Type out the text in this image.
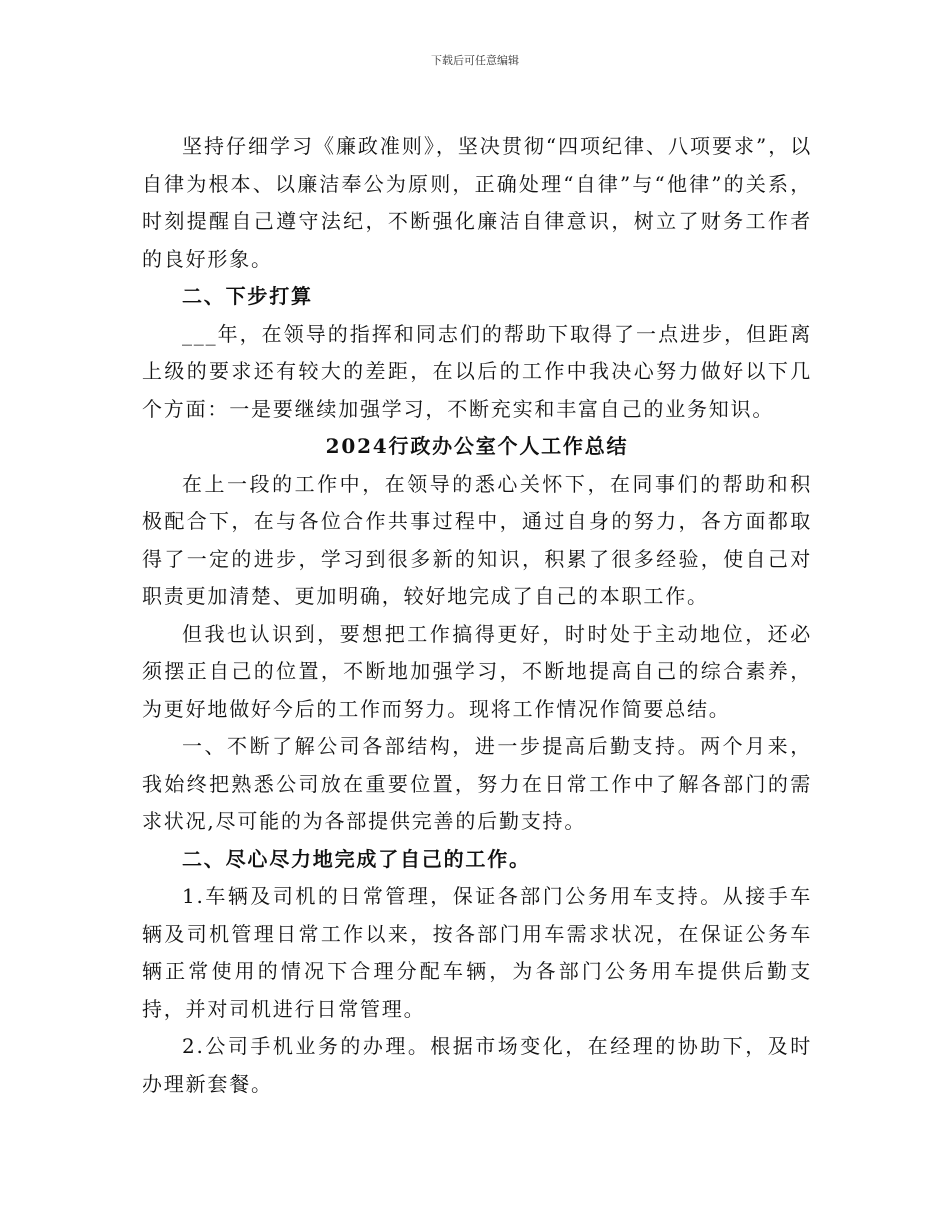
下载后可任意编辑

坚持仔细学习《廉政准则》，坚决贯彻“四项纪律、八项要求”，以自律为根本、以廉洁奉公为原则，正确处理“自律”与“他律”的关系，时刻提醒自己遵守法纪，不断强化廉洁自律意识，树立了财务工作者的良好形象。

二、下步打算

___年，在领导的指挥和同志们的帮助下取得了一点进步，但距离上级的要求还有较大的差距，在以后的工作中我决心努力做好以下几个方面：一是要继续加强学习，不断充实和丰富自己的业务知识。

2024行政办公室个人工作总结

在上一段的工作中，在领导的悉心关怀下，在同事们的帮助和积极配合下，在与各位合作共事过程中，通过自身的努力，各方面都取得了一定的进步，学习到很多新的知识，积累了很多经验，使自己对职责更加清楚、更加明确，较好地完成了自己的本职工作。

但我也认识到，要想把工作搞得更好，时时处于主动地位，还必须摆正自己的位置，不断地加强学习，不断地提高自己的综合素养，为更好地做好今后的工作而努力。现将工作情况作简要总结。

一、不断了解公司各部结构，进一步提高后勤支持。两个月来，我始终把熟悉公司放在重要位置，努力在日常工作中了解各部门的需求状况,尽可能的为各部提供完善的后勤支持。

二、尽心尽力地完成了自己的工作。

1.车辆及司机的日常管理，保证各部门公务用车支持。从接手车辆及司机管理日常工作以来，按各部门用车需求状况，在保证公务车辆正常使用的情况下合理分配车辆，为各部门公务用车提供后勤支持，并对司机进行日常管理。

2.公司手机业务的办理。根据市场变化，在经理的协助下，及时办理新套餐。
